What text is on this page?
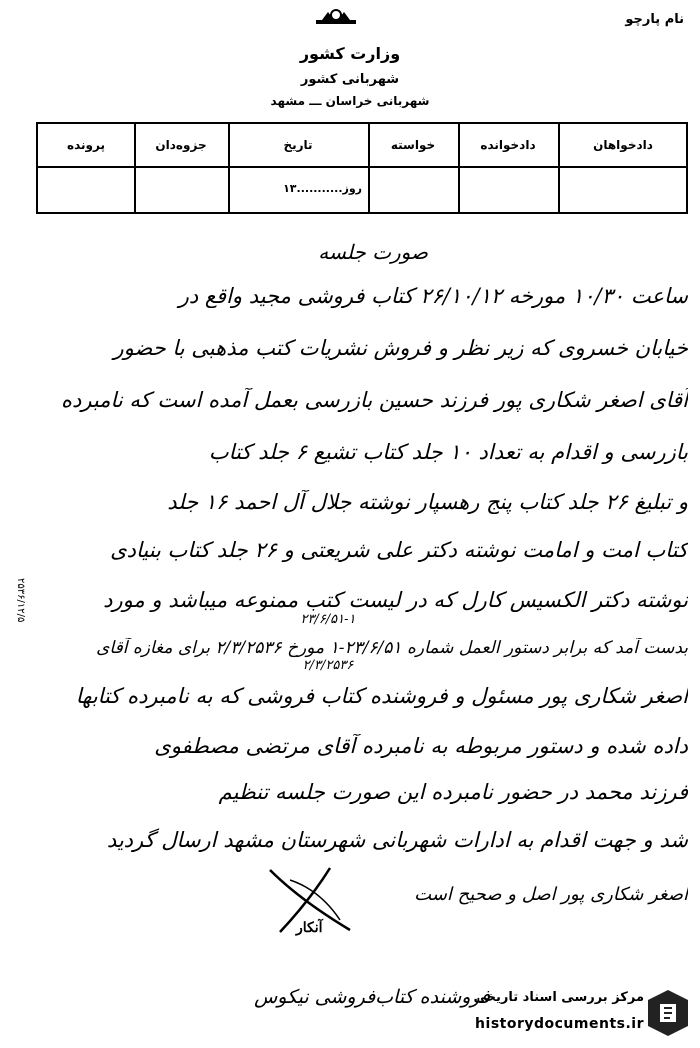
نام پارچو
وزارت کشور
شهربانی کشور
شهربانی خراسان ـــ مشهد
دادخواهان
دادخوانده
خواسته
تاریخ
جزوه‌دان
پرونده
روز...........۱۳
صورت جلسه
ساعت ۱۰/۳۰ مورخه ۲۶/۱۰/۱۲ کتاب فروشی مجید واقع در
خیابان خسروی که زیر نظر و فروش نشریات کتب مذهبی با حضور
آقای اصغر شکاری پور فرزند حسین بازرسی بعمل آمده است که نامبرده
بازرسی و اقدام به تعداد ۱۰ جلد کتاب تشیع ۶ جلد کتاب
و تبلیغ ۲۶ جلد کتاب پنج رهسپار نوشته جلال آل احمد ۱۶ جلد
کتاب امت و امامت نوشته دکتر علی شریعتی و ۲۶ جلد کتاب بنیادی
نوشته دکتر الکسیس کارل که در لیست کتب ممنوعه میباشد و مورد
بدست آمد که برابر دستور العمل شماره ۲۳/۶/۵۱-۱ مورخ ۲/۳/۲۵۳۶ برای مغازه آقای
اصغر شکاری پور مسئول و فروشنده کتاب فروشی که به نامبرده کتابها
داده شده و دستور مربوطه به نامبرده آقای مرتضی مصطفوی
فرزند محمد در حضور نامبرده این صورت جلسه تنظیم
شد و جهت اقدام به ادارات شهربانی شهرستان مشهد ارسال گردید
اصغر شکاری پور اصل و صحیح است
۲۳/۶/۵۱-۱
۲/۳/۲۵۳۶
آنکار
فروشنده کتاب‌فروشی نیکوس
۲۵۳۶/۱۲/۵
مرکز بررسی اسناد تاریخی
historydocuments.ir
